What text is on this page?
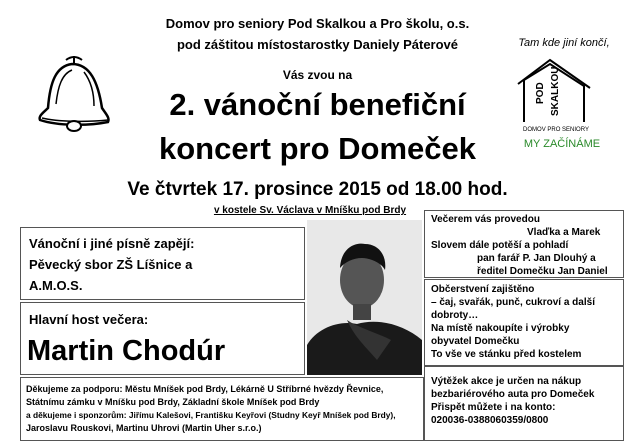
Domov pro seniory Pod Skalkou a Pro školu, o.s.
pod záštitou místostarostky Daniely Páterové
Vás zvou na
2. vánoční benefiční
koncert pro Domeček
Ve čtvrtek 17. prosince 2015 od 18.00 hod.
v kostele Sv. Václava v Mníšku pod Brdy
Tam kde jiní končí,
POD SKALKOU
DOMOV PRO SENIORY
MY ZAČÍNÁME
Vánoční i jiné písně zapějí:
Pěvecký sbor ZŠ Líšnice a
A.M.O.S.
Hlavní host večera:
Martin Chodúr
Večerem vás provedou
Vlaďka a Marek
Slovem dále potěší a pohladí
pan farář P. Jan Dlouhý a
ředitel Domečku Jan Daniel
Občerstvení zajištěno
– čaj, svařák, punč, cukroví a další
dobroty…
Na místě nakoupíte i výrobky
obyvatel Domečku
To vše ve stánku před kostelem
Děkujeme za podporu: Městu Mníšek pod Brdy, Lékárně U Stříbrné hvězdy Řevnice,
Státnímu zámku v Mníšku pod Brdy, Základní škole Mníšek pod Brdy
a děkujeme i sponzorům: Jiřímu Kalešovi, Františku Keyřovi (Studny Keyř Mníšek pod Brdy),
Jaroslavu Rouskovi, Martinu Uhrovi (Martin Uher s.r.o.)
Výtěžek akce je určen na nákup
bezbariérového auta pro Domeček
Přispět můžete i na konto:
020036-0388060359/0800
